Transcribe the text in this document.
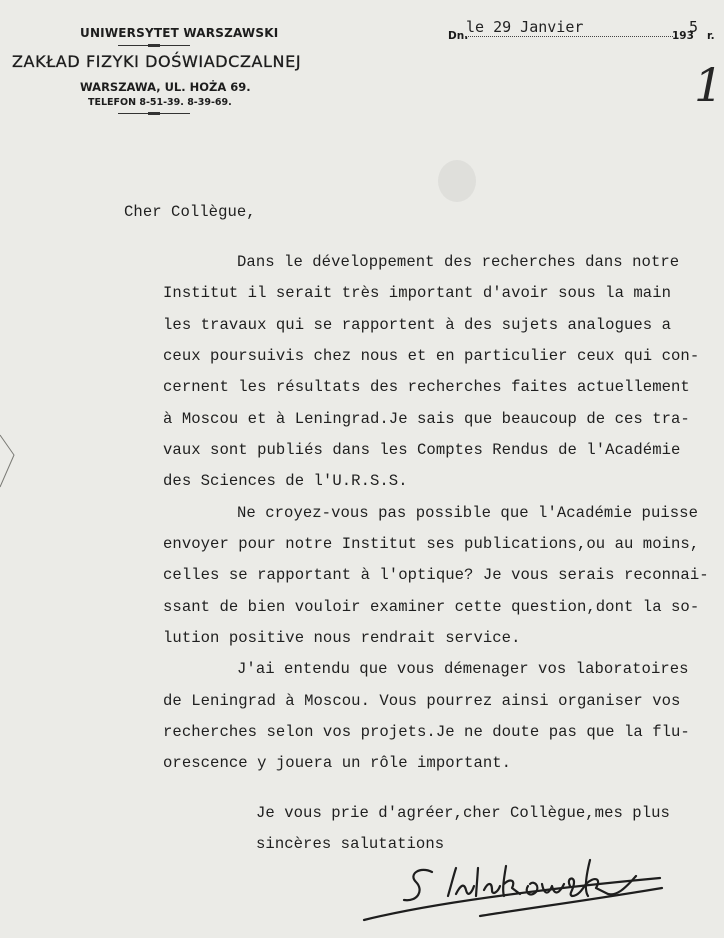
UNIWERSYTET WARSZAWSKI
ZAKŁAD FIZYKI DOŚWIADCZALNEJ
WARSZAWA, UL. HOŻA 69.
TELEFON 8-51-39. 8-39-69.
Dn.
le 29 Janvier	193
5 r.
1
Cher Collègue,
Dans le développement des recherches dans notre
Institut il serait très important d'avoir sous la main
les travaux qui se rapportent à des sujets analogues a
ceux poursuivis chez nous et en particulier ceux qui con-
cernent les résultats des recherches faites actuellement
à Moscou et à Leningrad.Je sais que beaucoup de ces tra-
vaux sont publiés dans les Comptes Rendus de l'Académie
des Sciences de l'U.R.S.S.
Ne croyez-vous pas possible que l'Académie puisse
envoyer pour notre Institut ses publications,ou au moins,
celles se rapportant à l'optique? Je vous serais reconnai-
ssant de bien vouloir examiner cette question,dont la so-
lution positive nous rendrait service.
J'ai entendu que vous démenager vos laboratoires
de Leningrad à Moscou. Vous pourrez ainsi organiser vos
recherches selon vos projets.Je ne doute pas que la flu-
orescence y jouera un rôle important.
Je vous prie d'agréer,cher Collègue,mes plus
sincères salutations
